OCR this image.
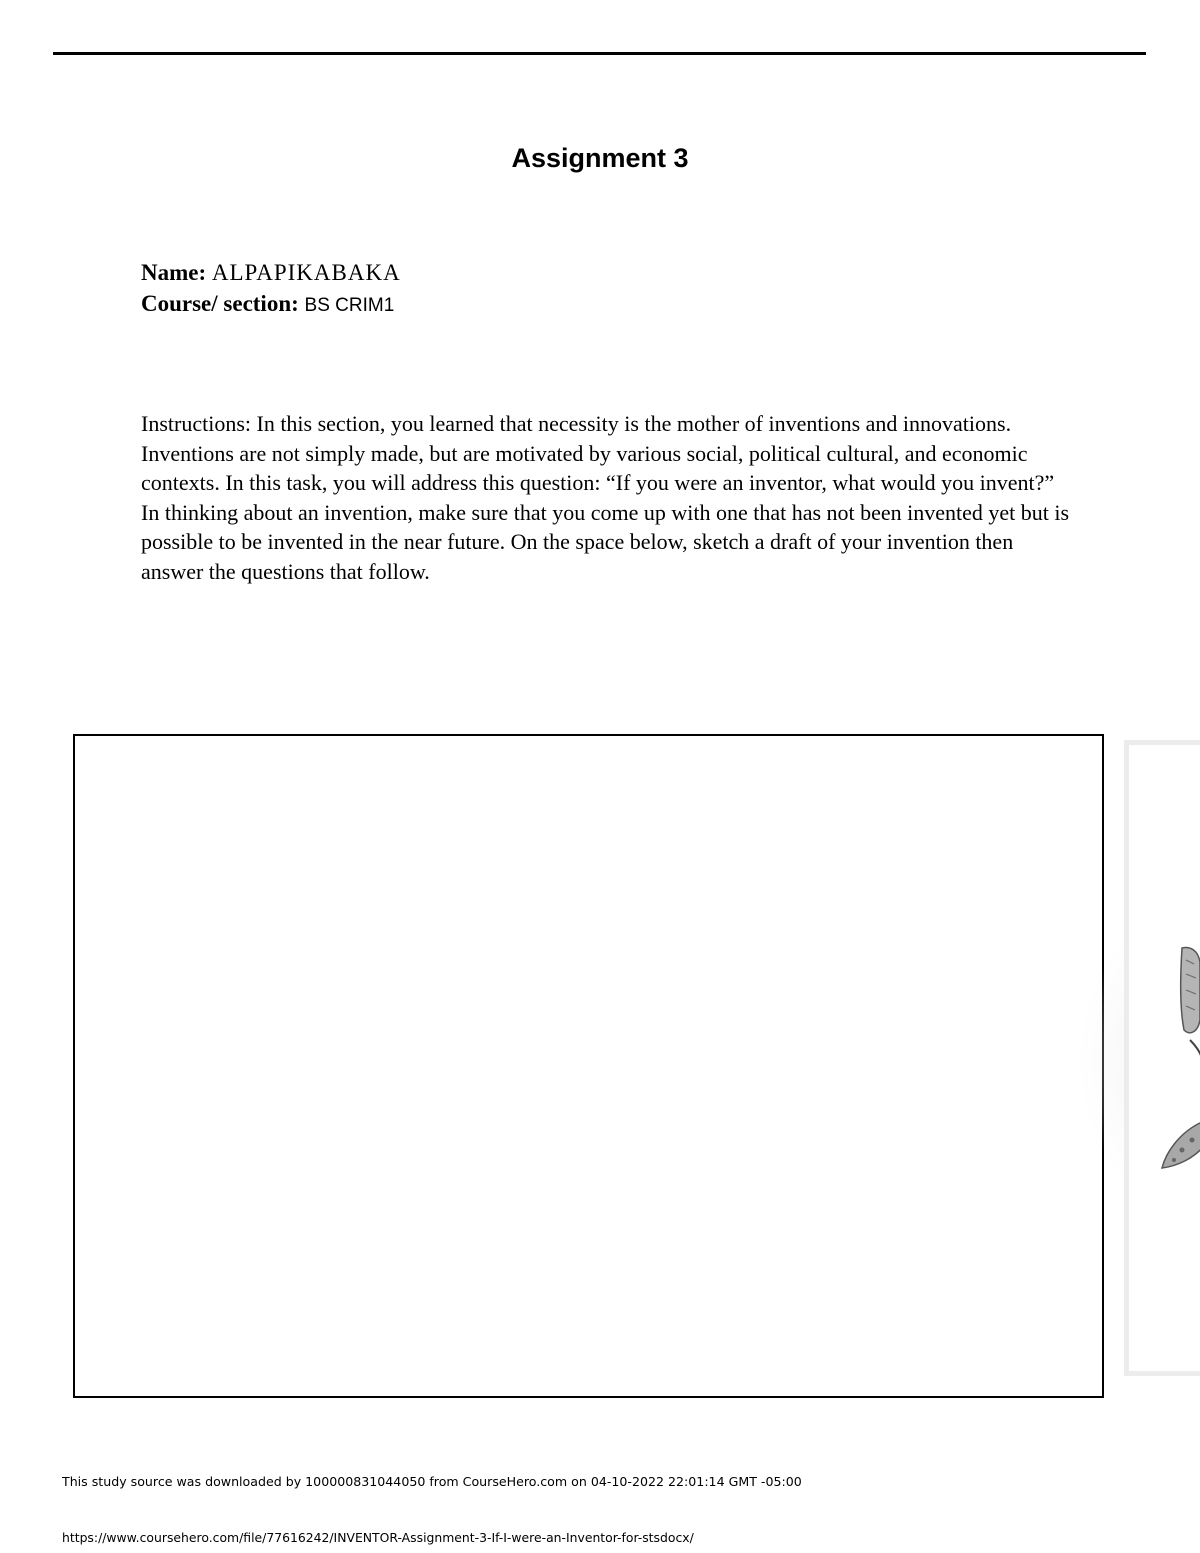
Assignment 3
Name: ALPAPIKABAKA
Course/ section: BS CRIM1
Instructions: In this section, you learned that necessity is the mother of inventions and innovations. Inventions are not simply made, but are motivated by various social, political cultural, and economic contexts. In this task, you will address this question: “If you were an inventor, what would you invent?” In thinking about an invention, make sure that you come up with one that has not been invented yet but is possible to be invented in the near future. On the space below, sketch a draft of your invention then answer the questions that follow.
This study source was downloaded by 100000831044050 from CourseHero.com on 04-10-2022 22:01:14 GMT -05:00
https://www.coursehero.com/file/77616242/INVENTOR-Assignment-3-If-I-were-an-Inventor-for-stsdocx/
